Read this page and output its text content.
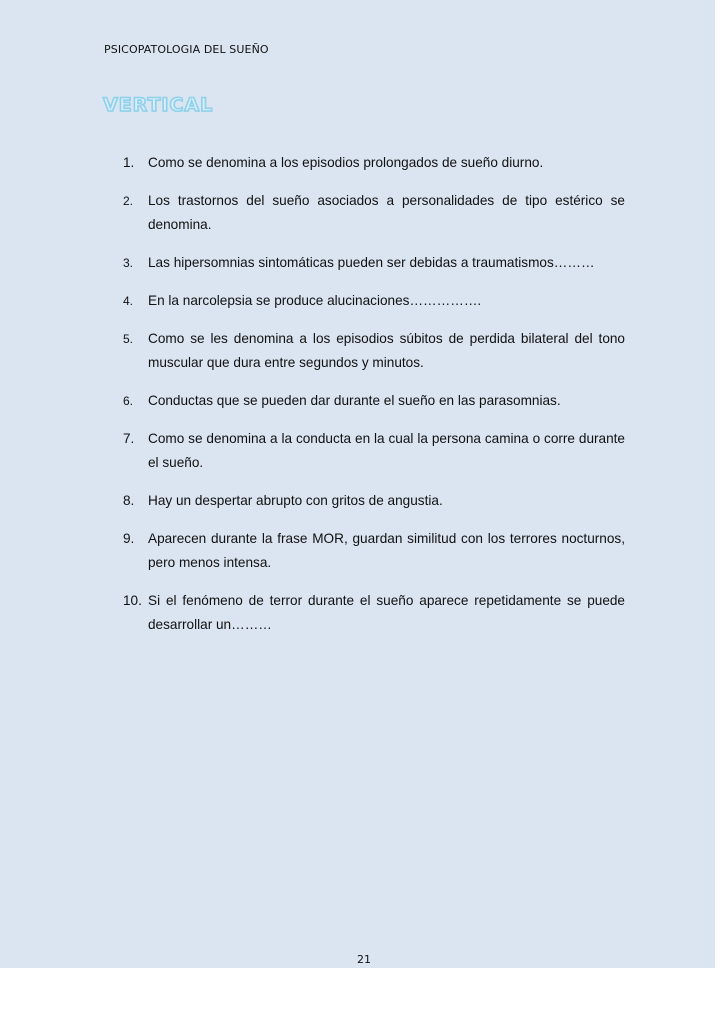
PSICOPATOLOGIA DEL SUEÑO
VERTICAL
1. Como se denomina a los episodios prolongados de sueño diurno.
2. Los trastornos del sueño asociados a personalidades de tipo estérico se denomina.
3. Las hipersomnias sintomáticas pueden ser debidas a traumatismos………
4. En la narcolepsia se produce alucinaciones…………….
5. Como se les denomina a los episodios súbitos de perdida bilateral del tono muscular que dura entre segundos y minutos.
6. Conductas que se pueden dar durante el sueño en las parasomnias.
7. Como se denomina a la conducta en la cual la persona camina o corre durante el sueño.
8. Hay un despertar abrupto con gritos de angustia.
9. Aparecen durante la frase MOR, guardan similitud con los terrores nocturnos, pero menos intensa.
10. Si el fenómeno de terror durante el sueño aparece repetidamente se puede desarrollar un………
21
